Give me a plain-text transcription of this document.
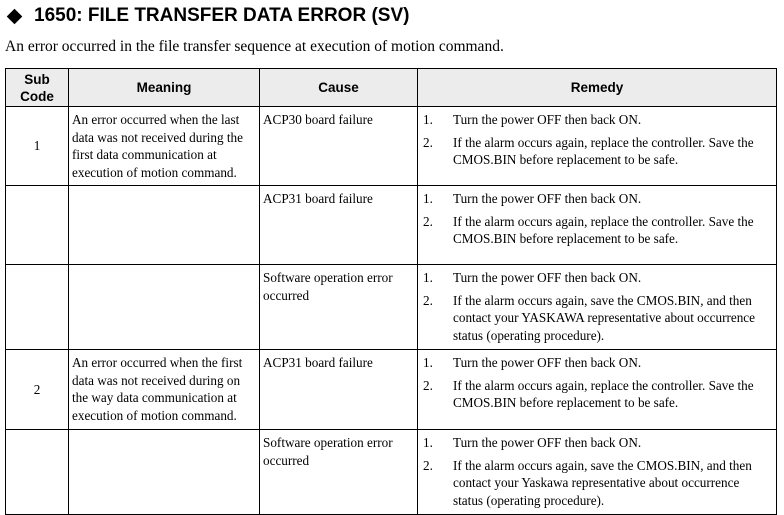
1650: FILE TRANSFER DATA ERROR (SV)
An error occurred in the file transfer sequence at execution of motion command.
Sub
Code	Meaning	Cause	Remedy
1	An error occurred when the last data was not received during the first data communication at execution of motion command.	ACP30 board failure	1. Turn the power OFF then back ON.
2. If the alarm occurs again, replace the controller. Save the CMOS.BIN before replacement to be safe.

		ACP31 board failure	1. Turn the power OFF then back ON.
2. If the alarm occurs again, replace the controller. Save the CMOS.BIN before replacement to be safe.

		Software operation error occurred	1. Turn the power OFF then back ON.
2. If the alarm occurs again, save the CMOS.BIN, and then contact your YASKAWA representative about occurrence status (operating procedure).

2	An error occurred when the first data was not received during on the way data communication at execution of motion command.	ACP31 board failure	1. Turn the power OFF then back ON.
2. If the alarm occurs again, replace the controller. Save the CMOS.BIN before replacement to be safe.

		Software operation error occurred	1. Turn the power OFF then back ON.
2. If the alarm occurs again, save the CMOS.BIN, and then contact your Yaskawa representative about occurrence status (operating procedure).
